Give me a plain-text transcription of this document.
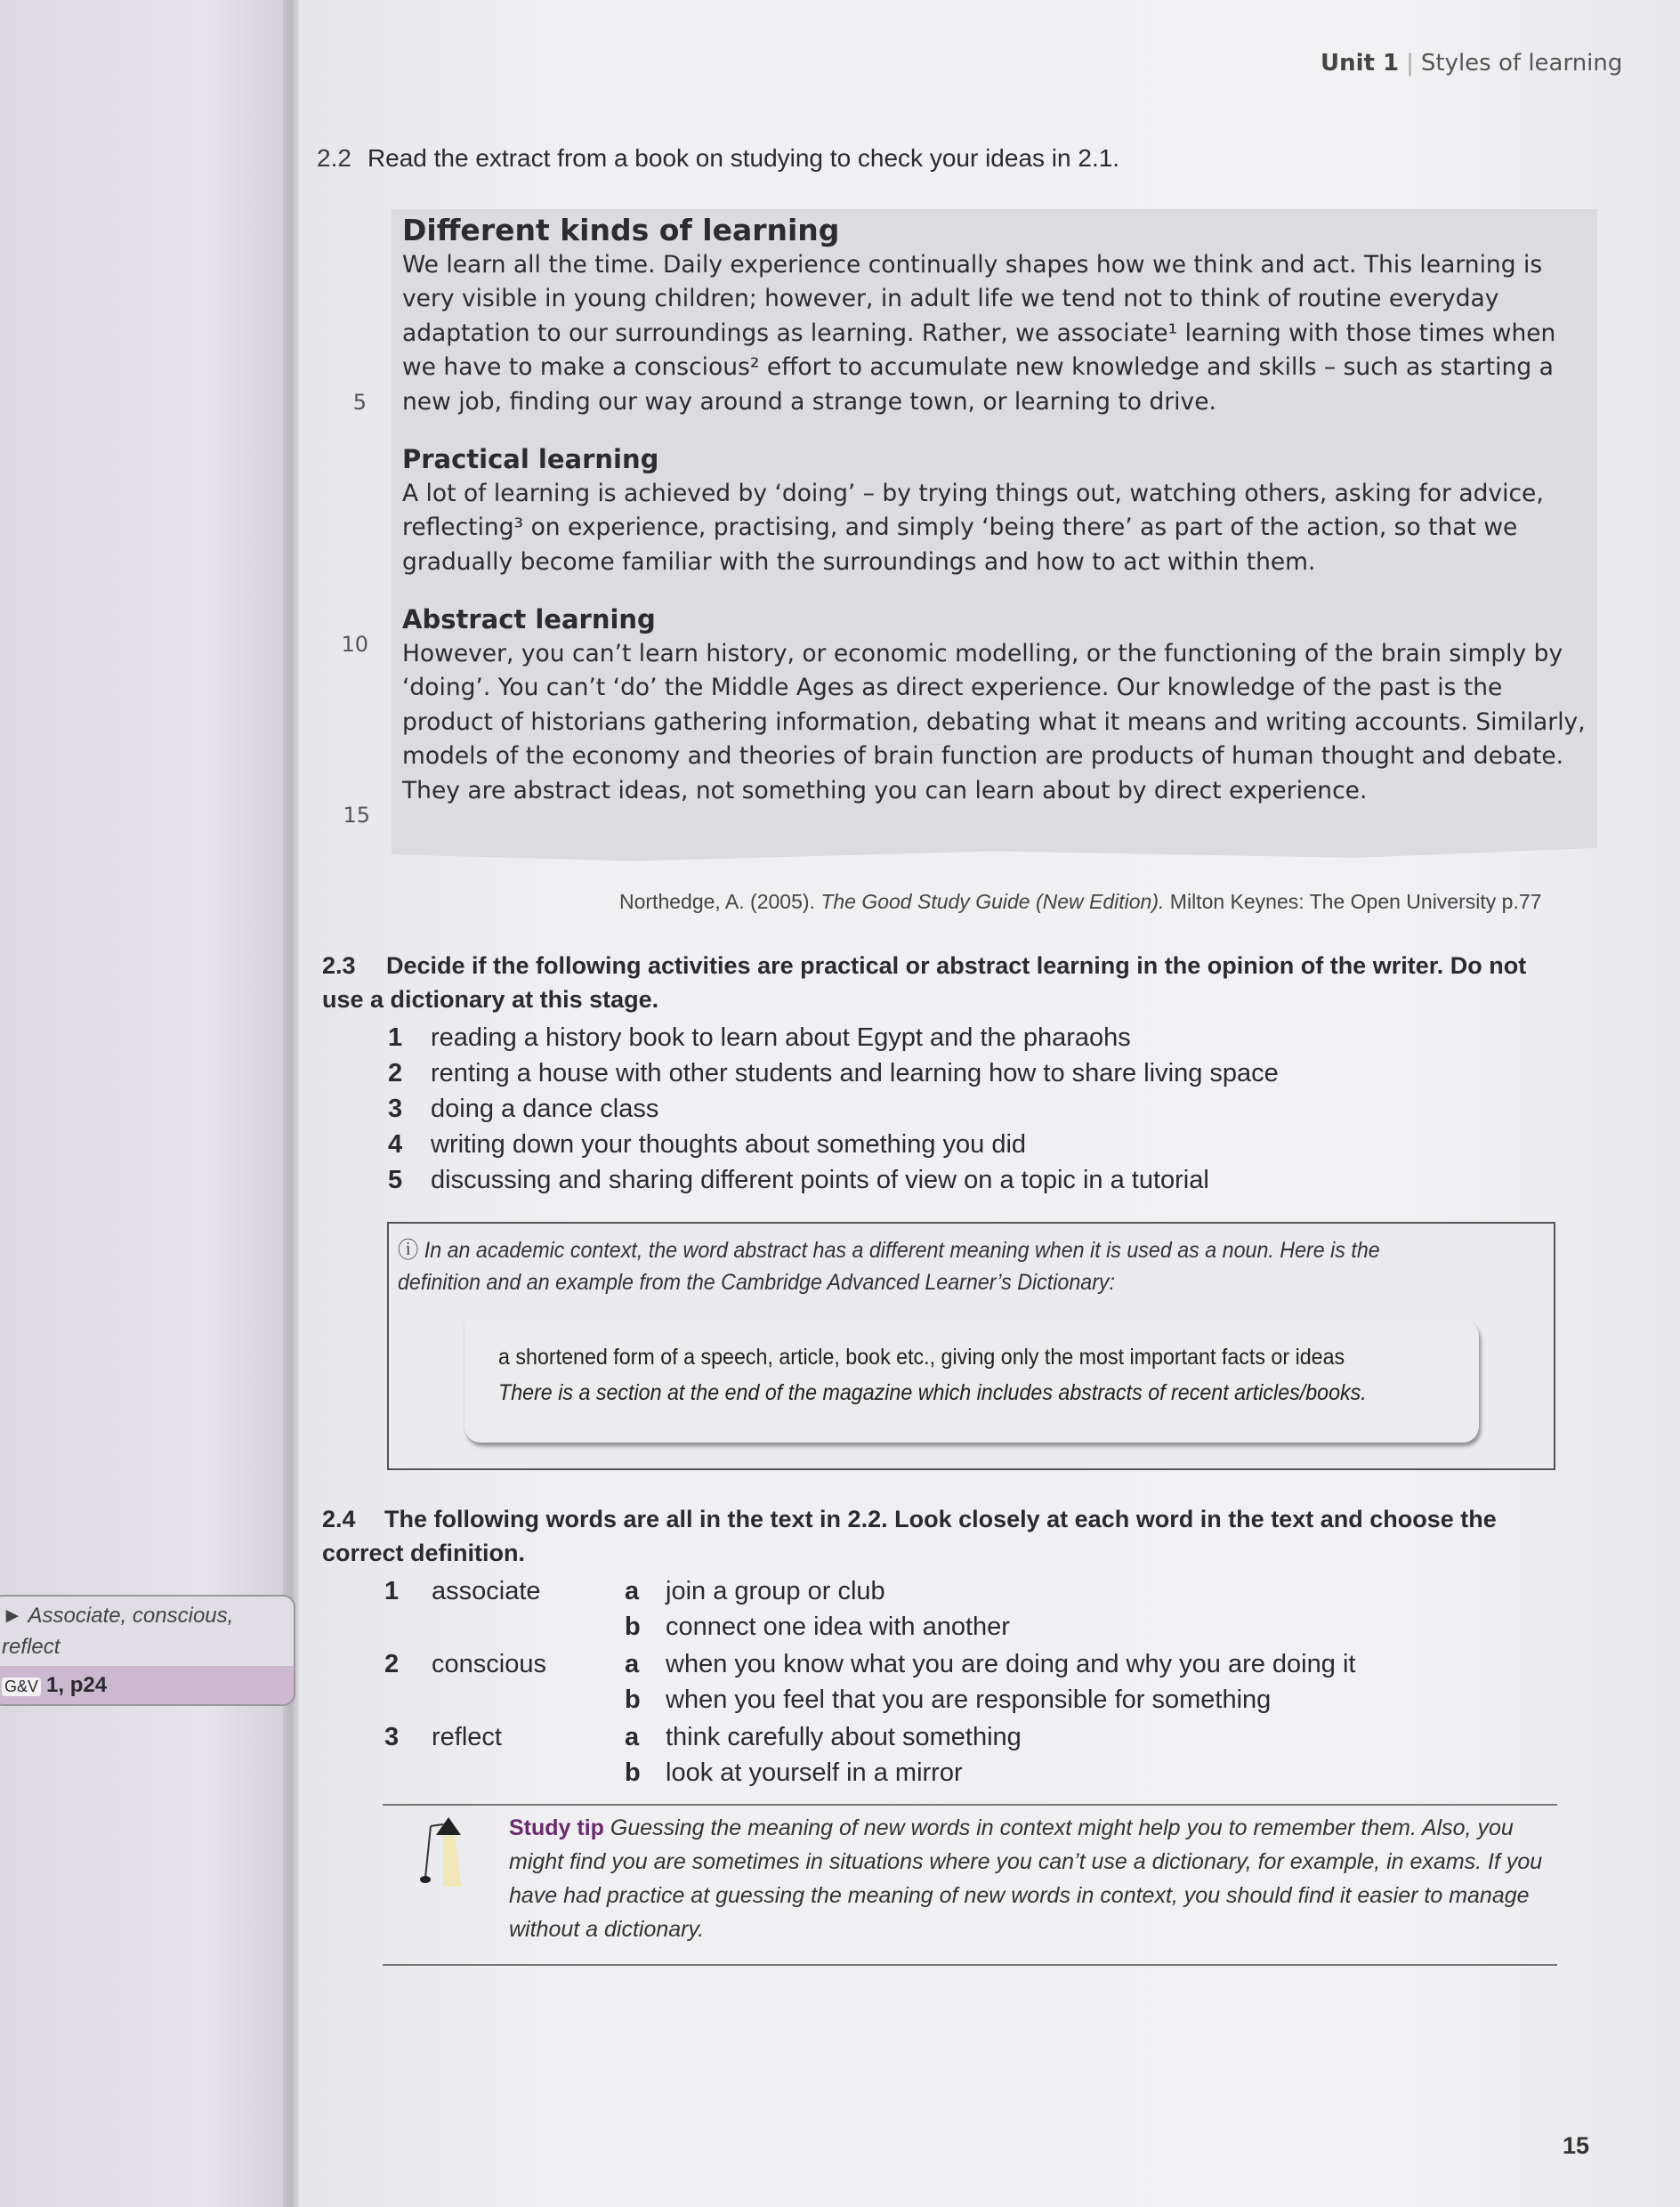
Unit 1 | Styles of learning
2.2 Read the extract from a book on studying to check your ideas in 2.1.
Different kinds of learning
We learn all the time. Daily experience continually shapes how we think and act. This learning is very visible in young children; however, in adult life we tend not to think of routine everyday adaptation to our surroundings as learning. Rather, we associate¹ learning with those times when we have to make a conscious² effort to accumulate new knowledge and skills – such as starting a new job, finding our way around a strange town, or learning to drive.
Practical learning
A lot of learning is achieved by ‘doing’ – by trying things out, watching others, asking for advice, reflecting³ on experience, practising, and simply ‘being there’ as part of the action, so that we gradually become familiar with the surroundings and how to act within them.
Abstract learning
However, you can’t learn history, or economic modelling, or the functioning of the brain simply by ‘doing’. You can’t ‘do’ the Middle Ages as direct experience. Our knowledge of the past is the product of historians gathering information, debating what it means and writing accounts. Similarly, models of the economy and theories of brain function are products of human thought and debate. They are abstract ideas, not something you can learn about by direct experience.
5
10
15
Northedge, A. (2005). The Good Study Guide (New Edition). Milton Keynes: The Open University p.77
2.3 Decide if the following activities are practical or abstract learning in the opinion of the writer. Do not use a dictionary at this stage.
1 reading a history book to learn about Egypt and the pharaohs
2 renting a house with other students and learning how to share living space
3 doing a dance class
4 writing down your thoughts about something you did
5 discussing and sharing different points of view on a topic in a tutorial
ⓘ In an academic context, the word abstract has a different meaning when it is used as a noun. Here is the definition and an example from the Cambridge Advanced Learner’s Dictionary:
a shortened form of a speech, article, book etc., giving only the most important facts or ideas
There is a section at the end of the magazine which includes abstracts of recent articles/books.
2.4 The following words are all in the text in 2.2. Look closely at each word in the text and choose the correct definition.
1 associate	a join a group or club
b connect one idea with another
2 conscious	a when you know what you are doing and why you are doing it
b when you feel that you are responsible for something
3 reflect	a think carefully about something
b look at yourself in a mirror
Study tip Guessing the meaning of new words in context might help you to remember them. Also, you might find you are sometimes in situations where you can’t use a dictionary, for example, in exams. If you have had practice at guessing the meaning of new words in context, you should find it easier to manage without a dictionary.
► Associate, conscious, reflect
G&V 1, p24
15
